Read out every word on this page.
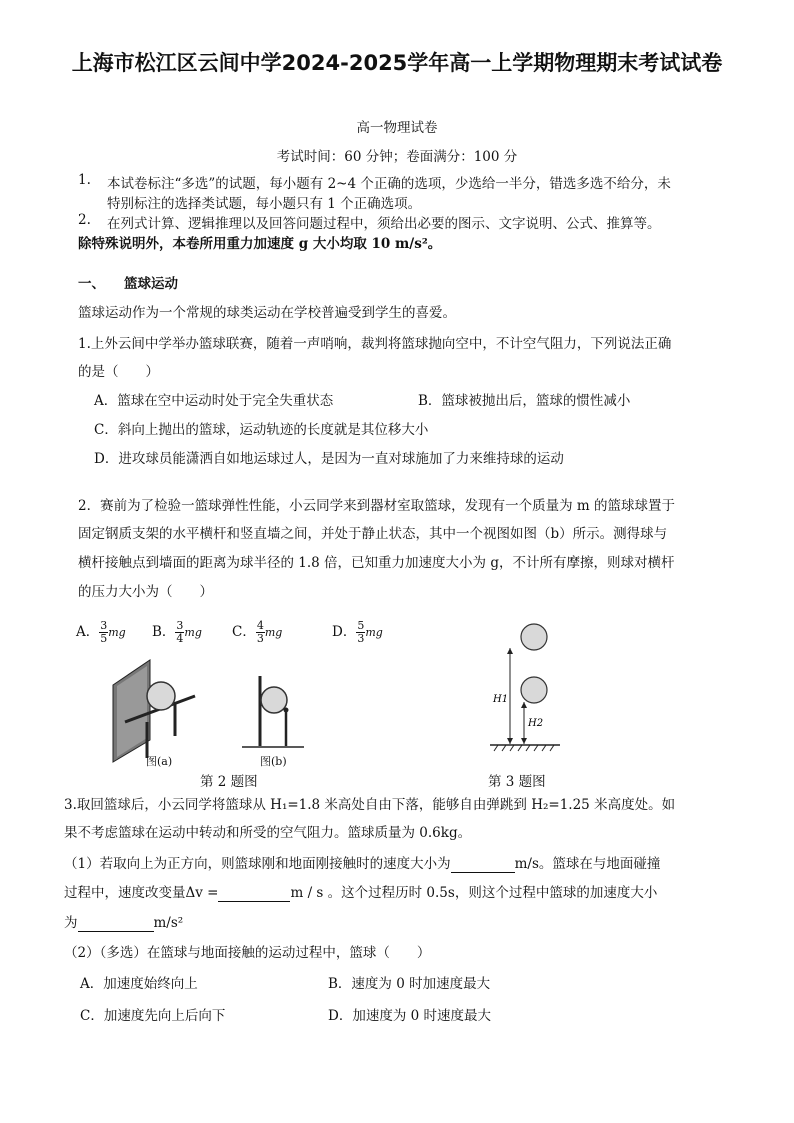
上海市松江区云间中学2024-2025学年高一上学期物理期末考试试卷
高一物理试卷
考试时间：60 分钟；卷面满分：100 分
1. 本试卷标注“多选”的试题，每小题有 2~4 个正确的选项，少选给一半分，错选多选不给分，未
特别标注的选择类试题，每小题只有 1 个正确选项。
2. 在列式计算、逻辑推理以及回答问题过程中，须给出必要的图示、文字说明、公式、推算等。
除特殊说明外，本卷所用重力加速度 g 大小均取 10 m/s²。
一、 篮球运动
篮球运动作为一个常规的球类运动在学校普遍受到学生的喜爱。
1.上外云间中学举办篮球联赛，随着一声哨响，裁判将篮球抛向空中，不计空气阻力，下列说法正确
的是（　　）
A．篮球在空中运动时处于完全失重状态	B．篮球被抛出后，篮球的惯性减小
C．斜向上抛出的篮球，运动轨迹的长度就是其位移大小
D．进攻球员能潇洒自如地运球过人，是因为一直对球施加了力来维持球的运动
2．赛前为了检验一篮球弹性性能，小云同学来到器材室取篮球，发现有一个质量为 m 的篮球球置于
固定钢质支架的水平横杆和竖直墙之间，并处于静止状态，其中一个视图如图（b）所示。测得球与
横杆接触点到墙面的距离为球半径的 1.8 倍，已知重力加速度大小为 g，不计所有摩擦，则球对横杆
的压力大小为（　　）
A． $\frac{3}{5}$ mg B． $\frac{3}{4}$ mg C． $\frac{4}{3}$ mg	D． $\frac{5}{3}$ mg
图(a)	图(b)
第 2 题图
H1
H2
第 3 题图
3.取回篮球后，小云同学将篮球从 H₁=1.8 米高处自由下落，能够自由弹跳到 H₂=1.25 米高度处。如
果不考虑篮球在运动中转动和所受的空气阻力。篮球质量为 0.6kg。
（1）若取向上为正方向，则篮球刚和地面刚接触时的速度大小为	m/s。篮球在与地面碰撞
过程中，速度改变量Δv =	m / s 。这个过程历时 0.5s，则这个过程中篮球的加速度大小
为	m/s²
（2）（多选）在篮球与地面接触的运动过程中，篮球（　　）
A．加速度始终向上	B．速度为 0 时加速度最大
C．加速度先向上后向下	D．加速度为 0 时速度最大
